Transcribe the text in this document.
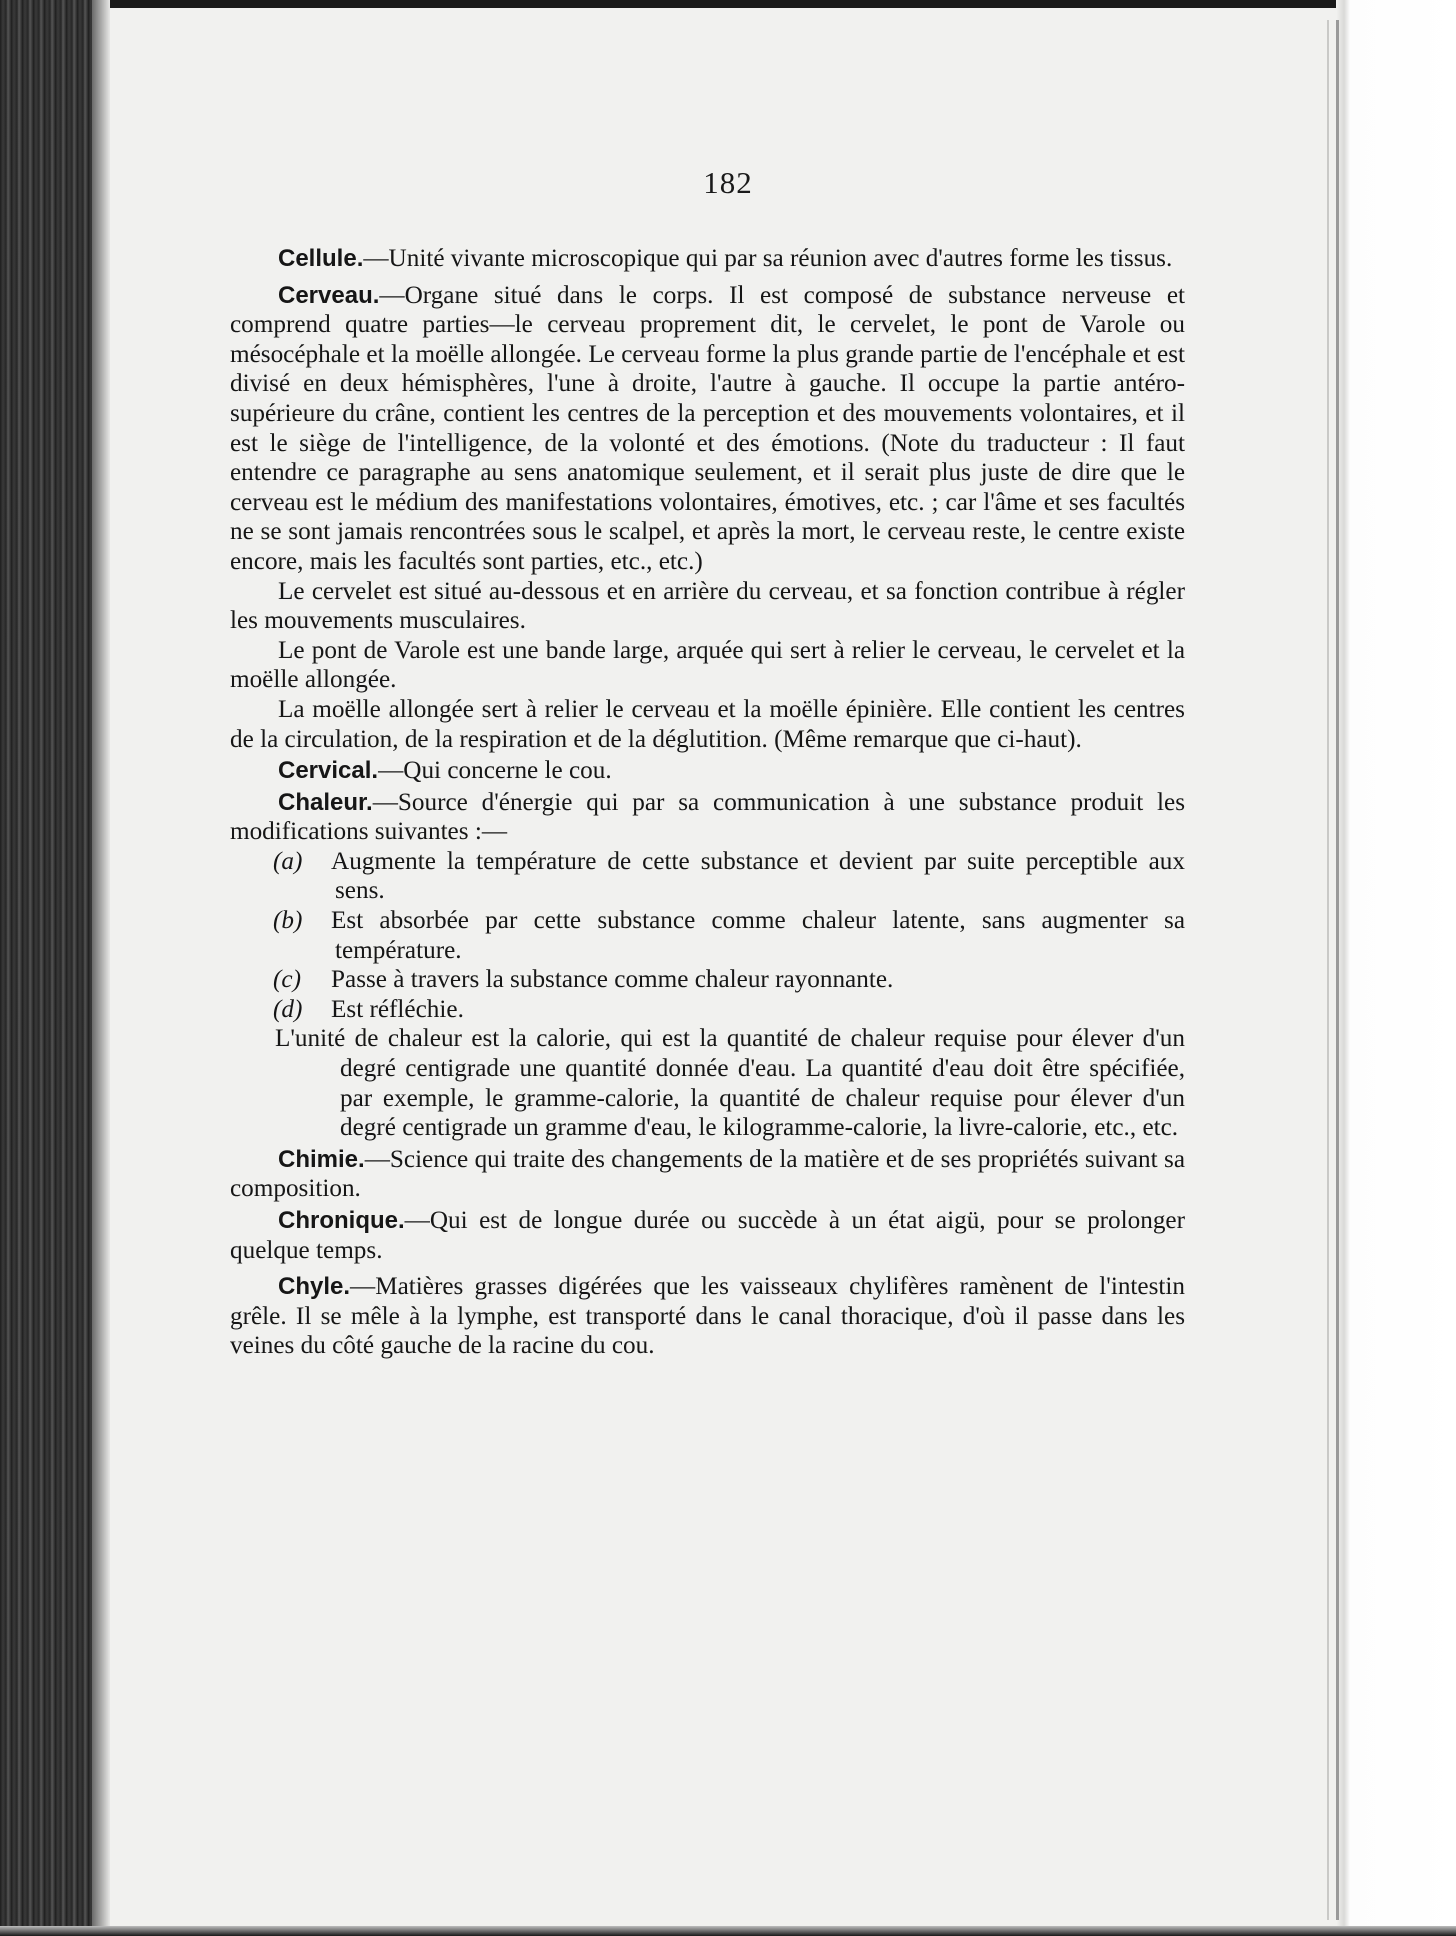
182

Cellule.—Unité vivante microscopique qui par sa réunion avec d'autres forme les tissus.

Cerveau.—Organe situé dans le corps. Il est composé de substance nerveuse et comprend quatre parties—le cerveau proprement dit, le cervelet, le pont de Varole ou mésocéphale et la moëlle allongée. Le cerveau forme la plus grande partie de l'encéphale et est divisé en deux hémisphères, l'une à droite, l'autre à gauche. Il occupe la partie antéro-supérieure du crâne, contient les centres de la perception et des mouvements volontaires, et il est le siège de l'intelligence, de la volonté et des émotions. (Note du traducteur : Il faut entendre ce paragraphe au sens anatomique seulement, et il serait plus juste de dire que le cerveau est le médium des manifestations volontaires, émotives, etc. ; car l'âme et ses facultés ne se sont jamais rencontrées sous le scalpel, et après la mort, le cerveau reste, le centre existe encore, mais les facultés sont parties, etc., etc.)

Le cervelet est situé au-dessous et en arrière du cerveau, et sa fonction contribue à régler les mouvements musculaires.

Le pont de Varole est une bande large, arquée qui sert à relier le cerveau, le cervelet et la moëlle allongée.

La moëlle allongée sert à relier le cerveau et la moëlle épinière. Elle contient les centres de la circulation, de la respiration et de la déglutition. (Même remarque que ci-haut).

Cervical.—Qui concerne le cou.

Chaleur.—Source d'énergie qui par sa communication à une substance produit les modifications suivantes :—

(a) Augmente la température de cette substance et devient par suite perceptible aux sens.

(b) Est absorbée par cette substance comme chaleur latente, sans augmenter sa température.

(c) Passe à travers la substance comme chaleur rayonnante.

(d) Est réfléchie.

L'unité de chaleur est la calorie, qui est la quantité de chaleur requise pour élever d'un degré centigrade une quantité donnée d'eau. La quantité d'eau doit être spécifiée, par exemple, le gramme-calorie, la quantité de chaleur requise pour élever d'un degré centigrade un gramme d'eau, le kilogramme-calorie, la livre-calorie, etc., etc.

Chimie.—Science qui traite des changements de la matière et de ses propriétés suivant sa composition.

Chronique.—Qui est de longue durée ou succède à un état aigü, pour se prolonger quelque temps.

Chyle.—Matières grasses digérées que les vaisseaux chylifères ramènent de l'intestin grêle. Il se mêle à la lymphe, est transporté dans le canal thoracique, d'où il passe dans les veines du côté gauche de la racine du cou.
